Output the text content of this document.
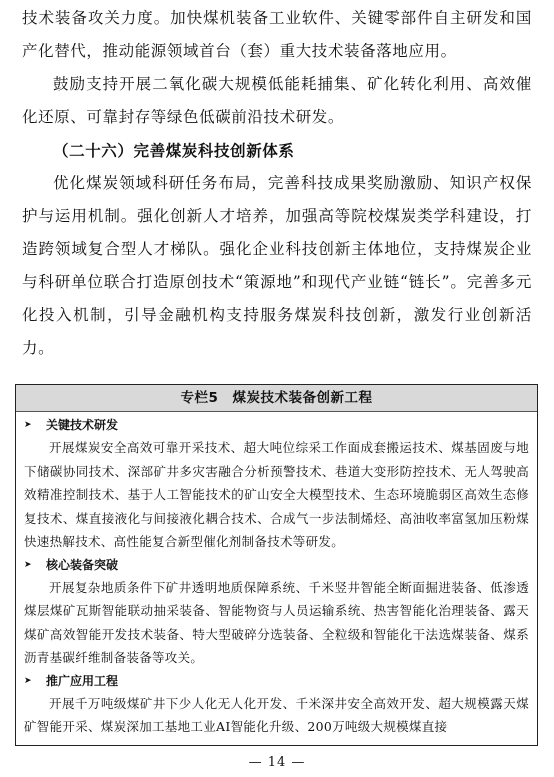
技术装备攻关力度。加快煤机装备工业软件、关键零部件自主研发和国产化替代，推动能源领域首台（套）重大技术装备落地应用。

鼓励支持开展二氧化碳大规模低能耗捕集、矿化转化利用、高效催化还原、可靠封存等绿色低碳前沿技术研发。

（二十六）完善煤炭科技创新体系

优化煤炭领域科研任务布局，完善科技成果奖励激励、知识产权保护与运用机制。强化创新人才培养，加强高等院校煤炭类学科建设，打造跨领域复合型人才梯队。强化企业科技创新主体地位，支持煤炭企业与科研单位联合打造原创技术“策源地”和现代产业链“链长”。完善多元化投入机制，引导金融机构支持服务煤炭科技创新，激发行业创新活力。

专栏5 煤炭技术装备创新工程

➤ 关键技术研发

开展煤炭安全高效可靠开采技术、超大吨位综采工作面成套搬运技术、煤基固废与地下储碳协同技术、深部矿井多灾害融合分析预警技术、巷道大变形防控技术、无人驾驶高效精准控制技术、基于人工智能技术的矿山安全大模型技术、生态环境脆弱区高效生态修复技术、煤直接液化与间接液化耦合技术、合成气一步法制烯烃、高油收率富氢加压粉煤快速热解技术、高性能复合新型催化剂制备技术等研发。

➤ 核心装备突破

开展复杂地质条件下矿井透明地质保障系统、千米竖井智能全断面掘进装备、低渗透煤层煤矿瓦斯智能联动抽采装备、智能物资与人员运输系统、热害智能化治理装备、露天煤矿高效智能开发技术装备、特大型破碎分选装备、全粒级和智能化干法选煤装备、煤系沥青基碳纤维制备装备等攻关。

➤ 推广应用工程

开展千万吨级煤矿井下少人化无人化开发、千米深井安全高效开发、超大规模露天煤矿智能开采、煤炭深加工基地工业AI智能化升级、200万吨级大规模煤直接

— 14 —
